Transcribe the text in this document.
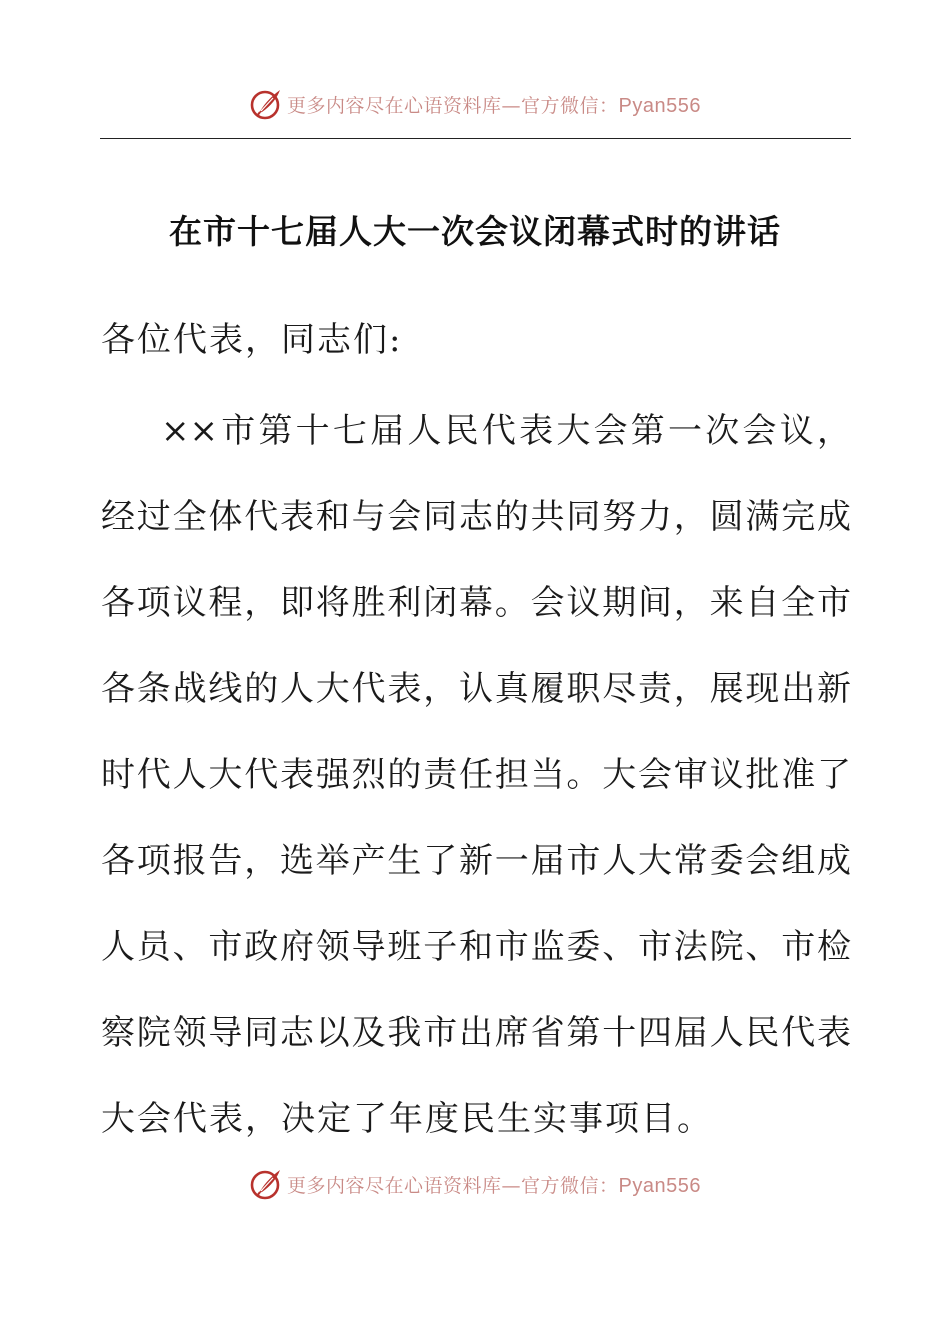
更多内容尽在心语资料库—官方微信：Pyan556
在市十七届人大一次会议闭幕式时的讲话

各位代表，同志们:

××市第十七届人民代表大会第一次会议，
经过全体代表和与会同志的共同努力，圆满完成
各项议程，即将胜利闭幕。会议期间，来自全市
各条战线的人大代表，认真履职尽责，展现出新
时代人大代表强烈的责任担当。大会审议批准了
各项报告，选举产生了新一届市人大常委会组成
人员、市政府领导班子和市监委、市法院、市检
察院领导同志以及我市出席省第十四届人民代表
大会代表，决定了年度民生实事项目。
更多内容尽在心语资料库—官方微信：Pyan556
